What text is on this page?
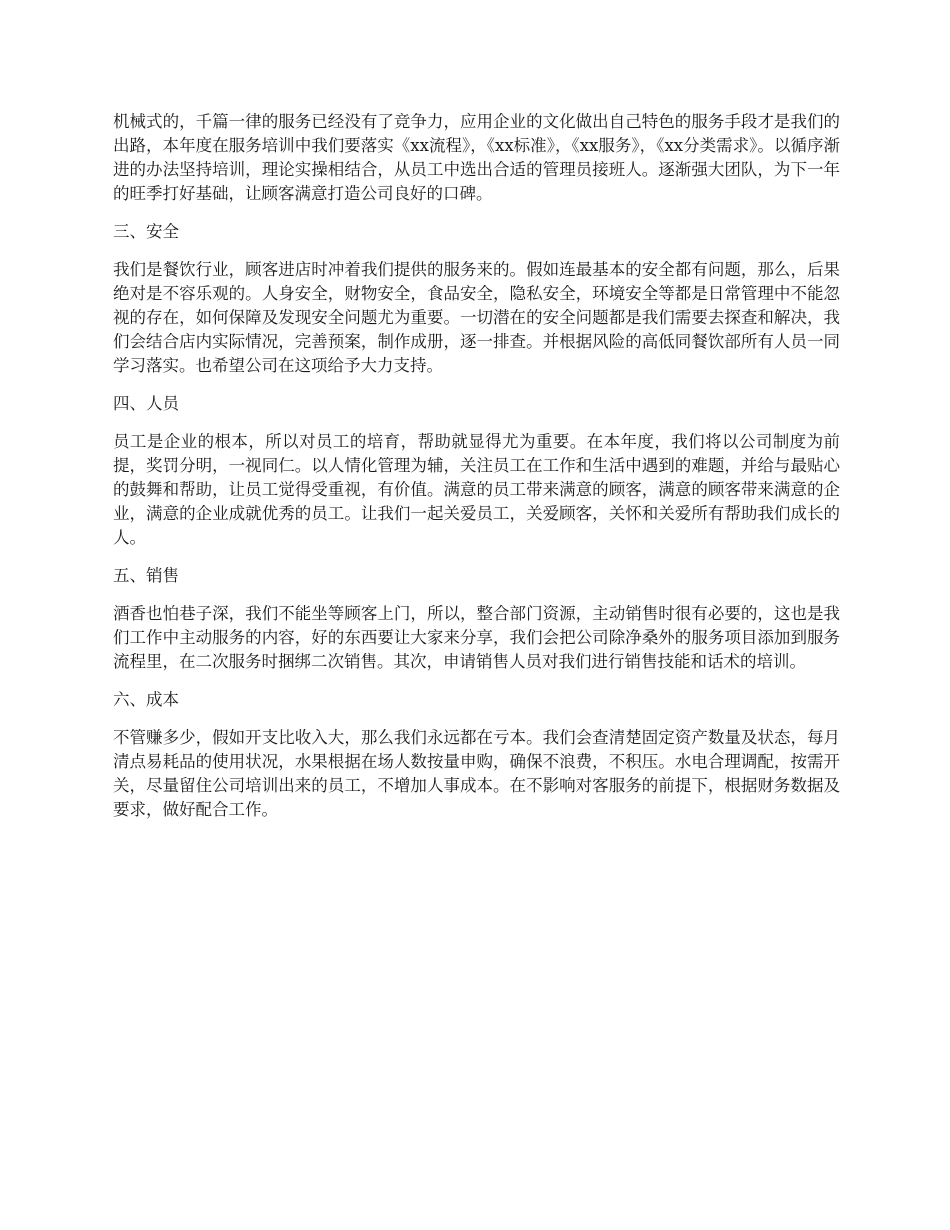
机械式的，千篇一律的服务已经没有了竞争力，应用企业的文化做出自己特色的服务手段才是我们的出路，本年度在服务培训中我们要落实《xx流程》，《xx标准》，《xx服务》，《xx分类需求》。以循序渐进的办法坚持培训，理论实操相结合，从员工中选出合适的管理员接班人。逐渐强大团队，为下一年的旺季打好基础，让顾客满意打造公司良好的口碑。

三、安全

我们是餐饮行业，顾客进店时冲着我们提供的服务来的。假如连最基本的安全都有问题，那么，后果绝对是不容乐观的。人身安全，财物安全，食品安全，隐私安全，环境安全等都是日常管理中不能忽视的存在，如何保障及发现安全问题尤为重要。一切潜在的安全问题都是我们需要去探查和解决，我们会结合店内实际情况，完善预案，制作成册，逐一排查。并根据风险的高低同餐饮部所有人员一同学习落实。也希望公司在这项给予大力支持。

四、人员

员工是企业的根本，所以对员工的培育，帮助就显得尤为重要。在本年度，我们将以公司制度为前提，奖罚分明，一视同仁。以人情化管理为辅，关注员工在工作和生活中遇到的难题，并给与最贴心的鼓舞和帮助，让员工觉得受重视，有价值。满意的员工带来满意的顾客，满意的顾客带来满意的企业，满意的企业成就优秀的员工。让我们一起关爱员工，关爱顾客，关怀和关爱所有帮助我们成长的人。

五、销售

酒香也怕巷子深，我们不能坐等顾客上门，所以，整合部门资源，主动销售时很有必要的，这也是我们工作中主动服务的内容，好的东西要让大家来分享，我们会把公司除净桑外的服务项目添加到服务流程里，在二次服务时捆绑二次销售。其次，申请销售人员对我们进行销售技能和话术的培训。

六、成本

不管赚多少，假如开支比收入大，那么我们永远都在亏本。我们会查清楚固定资产数量及状态，每月清点易耗品的使用状况，水果根据在场人数按量申购，确保不浪费，不积压。水电合理调配，按需开关，尽量留住公司培训出来的员工，不增加人事成本。在不影响对客服务的前提下，根据财务数据及要求，做好配合工作。
